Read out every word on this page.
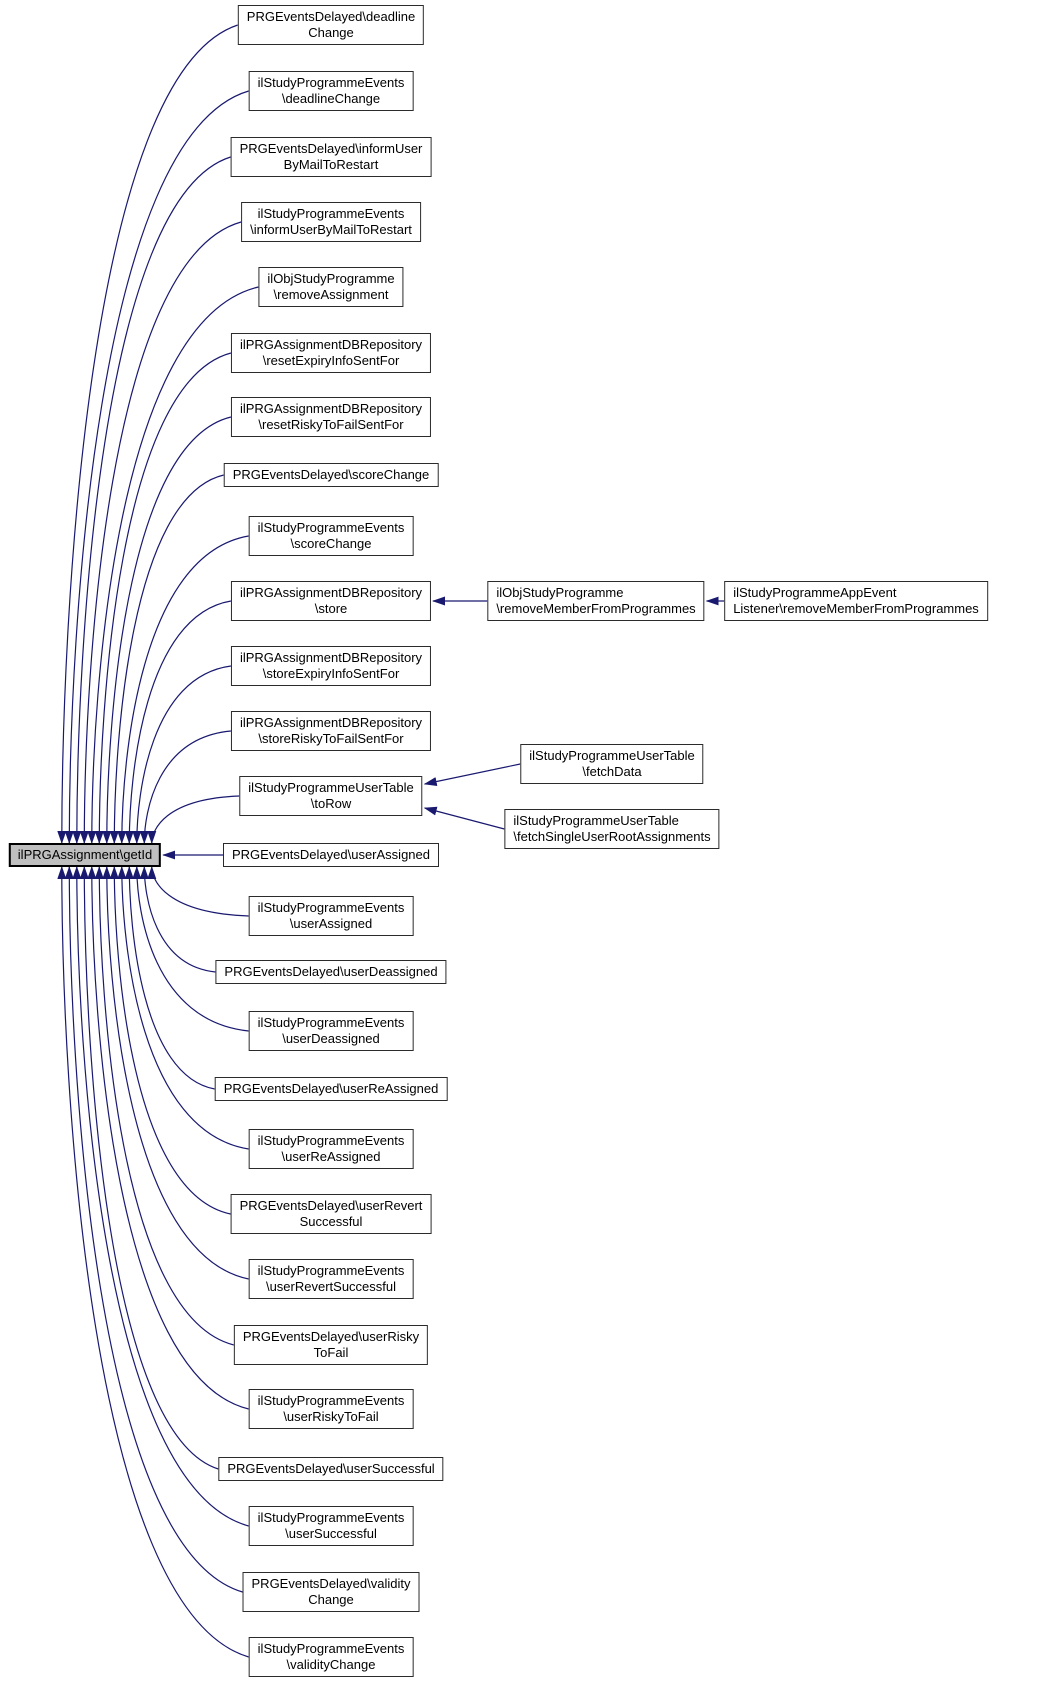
ilPRGAssignment\getId
PRGEventsDelayed\deadline
Change
ilStudyProgrammeEvents
\deadlineChange
PRGEventsDelayed\informUser
ByMailToRestart
ilStudyProgrammeEvents
\informUserByMailToRestart
ilObjStudyProgramme
\removeAssignment
ilPRGAssignmentDBRepository
\resetExpiryInfoSentFor
ilPRGAssignmentDBRepository
\resetRiskyToFailSentFor
PRGEventsDelayed\scoreChange
ilStudyProgrammeEvents
\scoreChange
ilPRGAssignmentDBRepository
\store
ilPRGAssignmentDBRepository
\storeExpiryInfoSentFor
ilPRGAssignmentDBRepository
\storeRiskyToFailSentFor
ilStudyProgrammeUserTable
\toRow
PRGEventsDelayed\userAssigned
ilStudyProgrammeEvents
\userAssigned
PRGEventsDelayed\userDeassigned
ilStudyProgrammeEvents
\userDeassigned
PRGEventsDelayed\userReAssigned
ilStudyProgrammeEvents
\userReAssigned
PRGEventsDelayed\userRevert
Successful
ilStudyProgrammeEvents
\userRevertSuccessful
PRGEventsDelayed\userRisky
ToFail
ilStudyProgrammeEvents
\userRiskyToFail
PRGEventsDelayed\userSuccessful
ilStudyProgrammeEvents
\userSuccessful
PRGEventsDelayed\validity
Change
ilStudyProgrammeEvents
\validityChange
ilObjStudyProgramme
\removeMemberFromProgrammes
ilStudyProgrammeAppEvent
Listener\removeMemberFromProgrammes
ilStudyProgrammeUserTable
\fetchData
ilStudyProgrammeUserTable
\fetchSingleUserRootAssignments
